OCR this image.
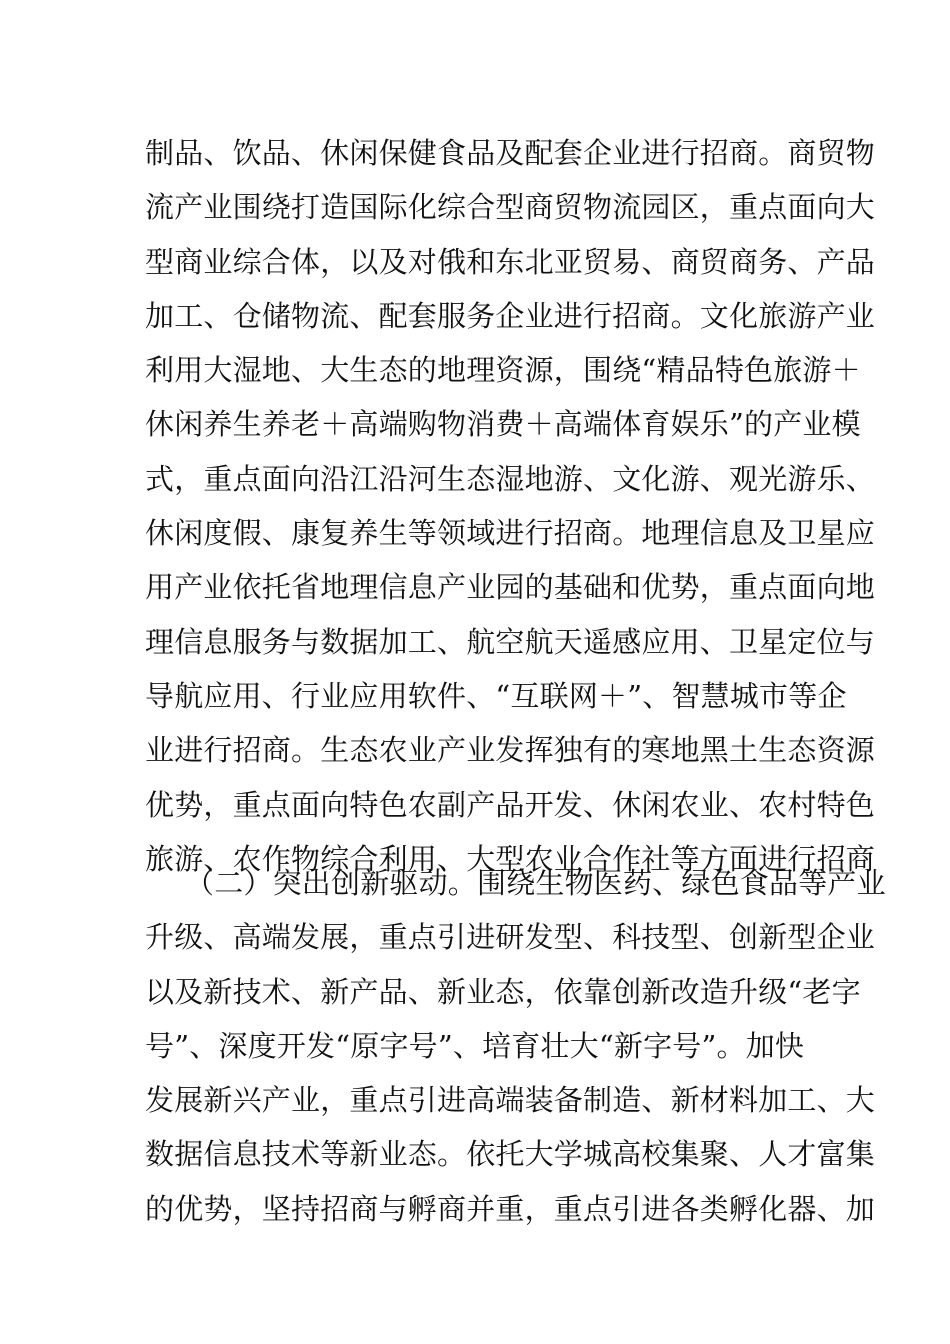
制品、饮品、休闲保健食品及配套企业进行招商。商贸物
流产业围绕打造国际化综合型商贸物流园区，重点面向大
型商业综合体，以及对俄和东北亚贸易、商贸商务、产品
加工、仓储物流、配套服务企业进行招商。文化旅游产业
利用大湿地、大生态的地理资源，围绕“精品特色旅游＋
休闲养生养老＋高端购物消费＋高端体育娱乐”的产业模
式，重点面向沿江沿河生态湿地游、文化游、观光游乐、
休闲度假、康复养生等领域进行招商。地理信息及卫星应
用产业依托省地理信息产业园的基础和优势，重点面向地
理信息服务与数据加工、航空航天遥感应用、卫星定位与
导航应用、行业应用软件、“互联网＋”、智慧城市等企
业进行招商。生态农业产业发挥独有的寒地黑土生态资源
优势，重点面向特色农副产品开发、休闲农业、农村特色
旅游、农作物综合利用、大型农业合作社等方面进行招商
（二）突出创新驱动。围绕生物医药、绿色食品等产业
升级、高端发展，重点引进研发型、科技型、创新型企业
以及新技术、新产品、新业态，依靠创新改造升级“老字
号”、深度开发“原字号”、培育壮大“新字号”。加快
发展新兴产业，重点引进高端装备制造、新材料加工、大
数据信息技术等新业态。依托大学城高校集聚、人才富集
的优势，坚持招商与孵商并重，重点引进各类孵化器、加
